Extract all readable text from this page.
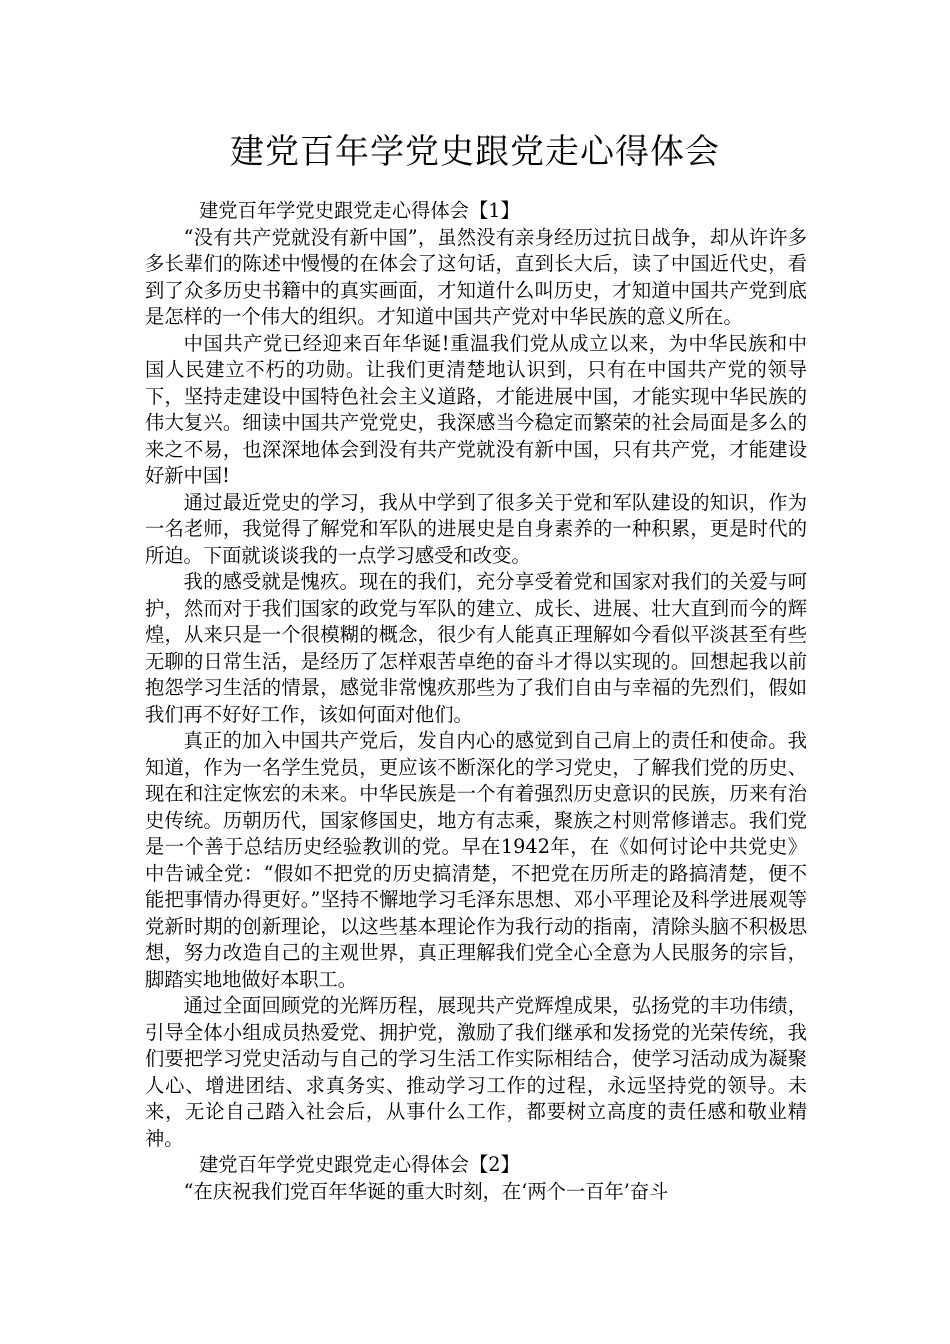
建党百年学党史跟党走心得体会

建党百年学党史跟党走心得体会【1】

“没有共产党就没有新中国”，虽然没有亲身经历过抗日战争，却从许许多多长辈们的陈述中慢慢的在体会了这句话，直到长大后，读了中国近代史，看到了众多历史书籍中的真实画面，才知道什么叫历史，才知道中国共产党到底是怎样的一个伟大的组织。才知道中国共产党对中华民族的意义所在。

中国共产党已经迎来百年华诞!重温我们党从成立以来，为中华民族和中国人民建立不朽的功勋。让我们更清楚地认识到，只有在中国共产党的领导下，坚持走建设中国特色社会主义道路，才能进展中国，才能实现中华民族的伟大复兴。细读中国共产党党史，我深感当今稳定而繁荣的社会局面是多么的来之不易，也深深地体会到没有共产党就没有新中国，只有共产党，才能建设好新中国!

通过最近党史的学习，我从中学到了很多关于党和军队建设的知识，作为一名老师，我觉得了解党和军队的进展史是自身素养的一种积累，更是时代的所迫。下面就谈谈我的一点学习感受和改变。

我的感受就是愧疚。现在的我们，充分享受着党和国家对我们的关爱与呵护，然而对于我们国家的政党与军队的建立、成长、进展、壮大直到而今的辉煌，从来只是一个很模糊的概念，很少有人能真正理解如今看似平淡甚至有些无聊的日常生活，是经历了怎样艰苦卓绝的奋斗才得以实现的。回想起我以前抱怨学习生活的情景，感觉非常愧疚那些为了我们自由与幸福的先烈们，假如我们再不好好工作，该如何面对他们。

真正的加入中国共产党后，发自内心的感觉到自己肩上的责任和使命。我知道，作为一名学生党员，更应该不断深化的学习党史，了解我们党的历史、现在和注定恢宏的未来。中华民族是一个有着强烈历史意识的民族，历来有治史传统。历朝历代，国家修国史，地方有志乘，聚族之村则常修谱志。我们党是一个善于总结历史经验教训的党。早在1942年，在《如何讨论中共党史》中告诫全党：“假如不把党的历史搞清楚，不把党在历所走的路搞清楚，便不能把事情办得更好。”坚持不懈地学习毛泽东思想、邓小平理论及科学进展观等党新时期的创新理论，以这些基本理论作为我行动的指南，清除头脑不积极思想，努力改造自己的主观世界，真正理解我们党全心全意为人民服务的宗旨，脚踏实地地做好本职工。

通过全面回顾党的光辉历程，展现共产党辉煌成果，弘扬党的丰功伟绩，引导全体小组成员热爱党、拥护党，激励了我们继承和发扬党的光荣传统，我们要把学习党史活动与自己的学习生活工作实际相结合，使学习活动成为凝聚人心、增进团结、求真务实、推动学习工作的过程，永远坚持党的领导。未来，无论自己踏入社会后，从事什么工作，都要树立高度的责任感和敬业精神。

建党百年学党史跟党走心得体会【2】

“在庆祝我们党百年华诞的重大时刻，在‘两个一百年’奋斗
